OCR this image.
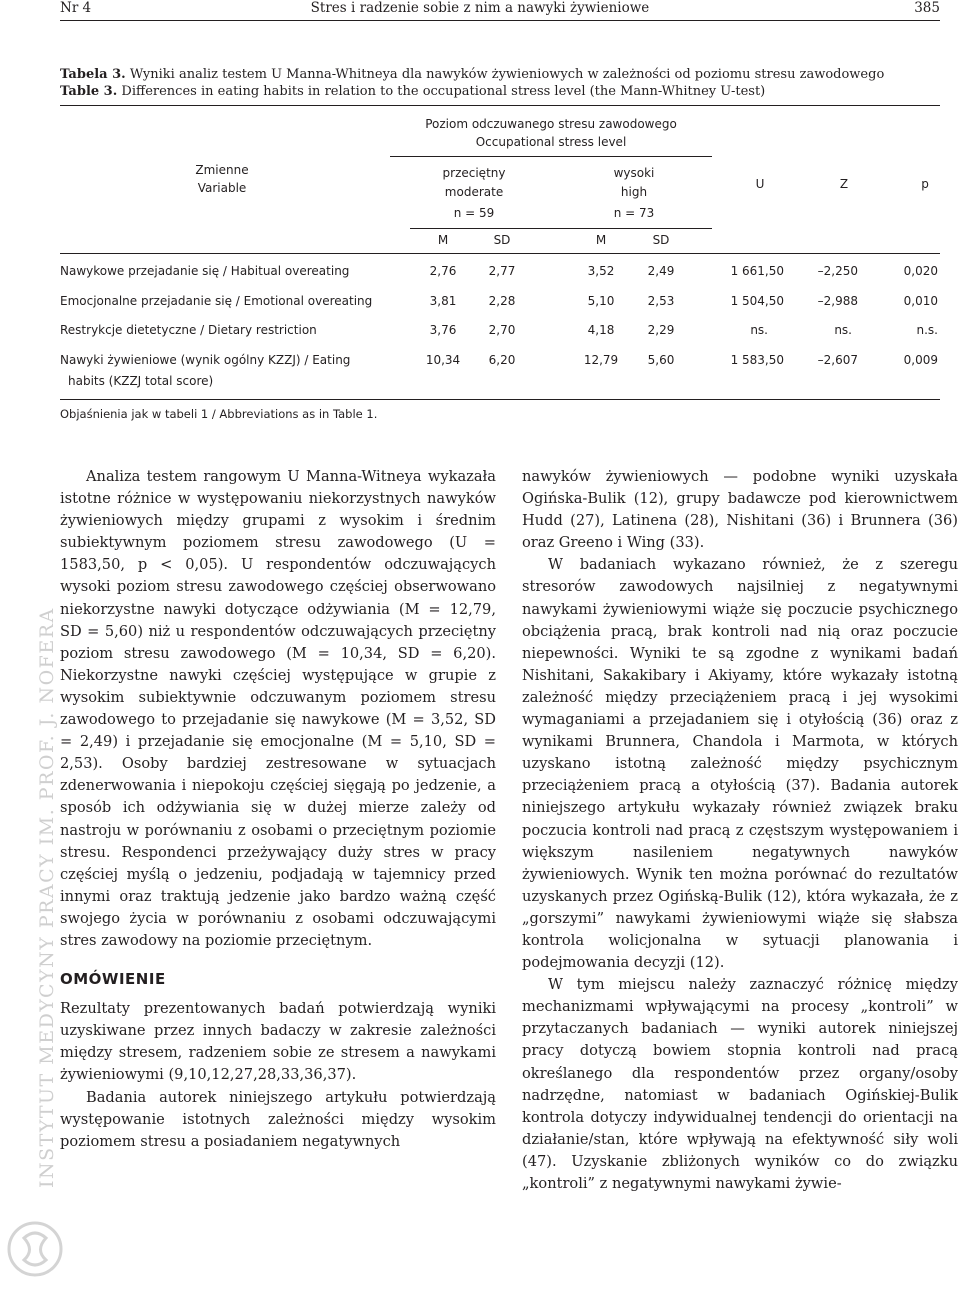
Nr 4	Stres i radzenie sobie z nim a nawyki żywieniowe	385
Tabela 3. Wyniki analiz testem U Manna-Whitneya dla nawyków żywieniowych w zależności od poziomu stresu zawodowego
Table 3. Differences in eating habits in relation to the occupational stress level (the Mann-Whitney U-test)
Poziom odczuwanego stresu zawodowego
Occupational stress level
Zmienne
Variable
przeciętny
moderate
n = 59
wysoki
high
n = 73
U	Z	p
M	SD	M	SD
Nawykowe przejadanie się / Habitual overeating	2,76	2,77	3,52	2,49	1 661,50	–2,250	0,020
Emocjonalne przejadanie się / Emotional overeating	3,81	2,28	5,10	2,53	1 504,50	–2,988	0,010
Restrykcje dietetyczne / Dietary restriction	3,76	2,70	4,18	2,29	ns.	ns.	n.s.
Nawyki żywieniowe (wynik ogólny KZZJ) / Eating
habits (KZZJ total score)
10,34	6,20	12,79	5,60	1 583,50	–2,607	0,009
Objaśnienia jak w tabeli 1 / Abbreviations as in Table 1.
INSTYTUT MEDYCYNY PRACY IM. PROF. J. NOFERA

Analiza testem rangowym U Manna-Witneya wykazała istotne różnice w występowaniu niekorzystnych nawyków żywieniowych między grupami z wysokim i średnim subiektywnym poziomem stresu zawodowego (U = 1583,50, p < 0,05). U respondentów odczuwających wysoki poziom stresu zawodowego częściej obserwowano niekorzystne nawyki dotyczące odżywiania (M = 12,79, SD = 5,60) niż u respondentów odczuwających przeciętny poziom stresu zawodowego (M = 10,34, SD = 6,20). Niekorzystne nawyki częściej występujące w grupie z wysokim subiektywnie odczuwanym poziomem stresu zawodowego to przejadanie się nawykowe (M = 3,52, SD = 2,49) i przejadanie się emocjonalne (M = 5,10, SD = 2,53). Osoby bardziej zestresowane w sytuacjach zdenerwowania i niepokoju częściej sięgają po jedzenie, a sposób ich odżywiania się w dużej mierze zależy od nastroju w porównaniu z osobami o przeciętnym poziomie stresu. Respondenci przeżywający duży stres w pracy częściej myślą o jedzeniu, podjadają w tajemnicy przed innymi oraz traktują jedzenie jako bardzo ważną część swojego życia w porównaniu z osobami odczuwającymi stres zawodowy na poziomie przeciętnym.

OMÓWIENIE

Rezultaty prezentowanych badań potwierdzają wyniki uzyskiwane przez innych badaczy w zakresie zależności między stresem, radzeniem sobie ze stresem a nawykami żywieniowymi (9,10,12,27,28,33,36,37).

Badania autorek niniejszego artykułu potwierdzają występowanie istotnych zależności między wysokim poziomem stresu a posiadaniem negatywnych

nawyków żywieniowych — podobne wyniki uzyskała Ogińska-Bulik (12), grupy badawcze pod kierownictwem Hudd (27), Latinena (28), Nishitani (36) i Brunnera (36) oraz Greeno i Wing (33).

W badaniach wykazano również, że z szeregu stresorów zawodowych najsilniej z negatywnymi nawykami żywieniowymi wiąże się poczucie psychicznego obciążenia pracą, brak kontroli nad nią oraz poczucie niepewności. Wyniki te są zgodne z wynikami badań Nishitani, Sakakibary i Akiyamy, które wykazały istotną zależność między przeciążeniem pracą i jej wysokimi wymaganiami a przejadaniem się i otyłością (36) oraz z wynikami Brunnera, Chandola i Marmota, w których uzyskano istotną zależność między psychicznym przeciążeniem pracą a otyłością (37). Badania autorek niniejszego artykułu wykazały również związek braku poczucia kontroli nad pracą z częstszym występowaniem i większym nasileniem negatywnych nawyków żywieniowych. Wynik ten można porównać do rezultatów uzyskanych przez Ogińską-Bulik (12), która wykazała, że z „gorszymi” nawykami żywieniowymi wiąże się słabsza kontrola wolicjonalna w sytuacji planowania i podejmowania decyzji (12).

W tym miejscu należy zaznaczyć różnicę między mechanizmami wpływającymi na procesy „kontroli” w przytaczanych badaniach — wyniki autorek niniejszej pracy dotyczą bowiem stopnia kontroli nad pracą określanego dla respondentów przez organy/osoby nadrzędne, natomiast w badaniach Ogińskiej-Bulik kontrola dotyczy indywidualnej tendencji do orientacji na działanie/stan, które wpływają na efektywność siły woli (47). Uzyskanie zbliżonych wyników co do związku „kontroli” z negatywnymi nawykami żywie-
